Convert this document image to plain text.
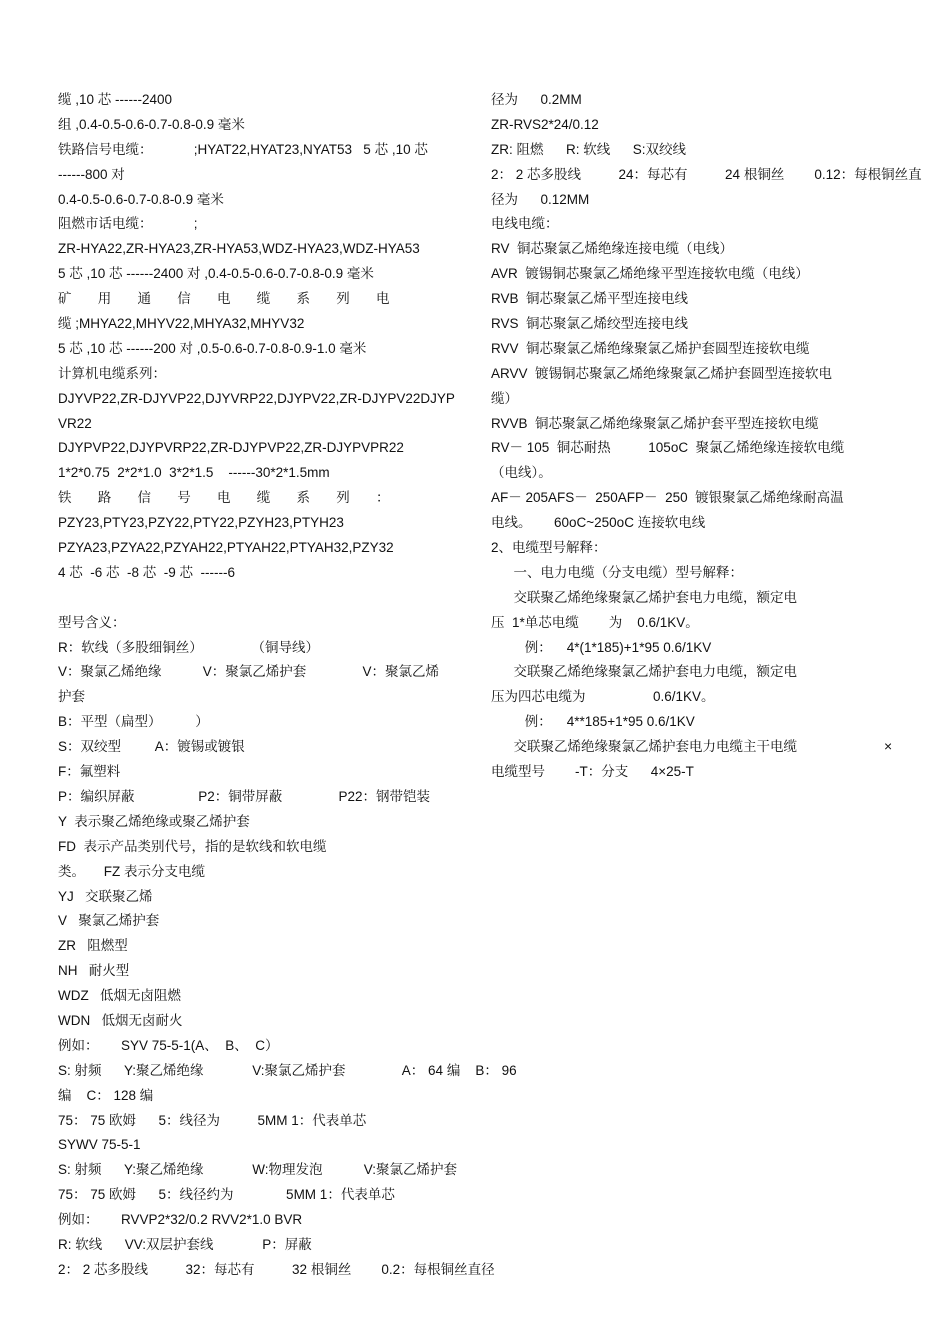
缆 ,10 芯 ------2400
组 ,0.4-0.5-0.6-0.7-0.8-0.9 毫米
铁路信号电缆：           ;HYAT22,HYAT23,NYAT53   5 芯 ,10 芯
------800 对
0.4-0.5-0.6-0.7-0.8-0.9 毫米
阻燃市话电缆：           ;
ZR-HYA22,ZR-HYA23,ZR-HYA53,WDZ-HYA23,WDZ-HYA53
5 芯 ,10 芯 ------2400 对 ,0.4-0.5-0.6-0.7-0.8-0.9 毫米
矿       用       通       信       电       缆       系       列       电
缆 ;MHYA22,MHYV22,MHYA32,MHYV32
5 芯 ,10 芯 ------200 对 ,0.5-0.6-0.7-0.8-0.9-1.0 毫米
计算机电缆系列：
DJYVP22,ZR-DJYVP22,DJYVRP22,DJYPV22,ZR-DJYPV22DJYP
VR22
DJYPVP22,DJYPVRP22,ZR-DJYPVP22,ZR-DJYPVPR22
1*2*0.75  2*2*1.0  3*2*1.5    ------30*2*1.5mm
铁       路       信       号       电       缆       系       列       ：
PZY23,PTY23,PZY22,PTY22,PZYH23,PTYH23
PZYA23,PZYA22,PZYAH22,PTYAH22,PTYAH32,PZY32
4 芯  -6 芯  -8 芯  -9 芯  ------6
型号含义：
R：软线（多股细铜丝）             （铜导线）
V：聚氯乙烯绝缘           V：聚氯乙烯护套               V：聚氯乙烯
护套
B：平型（扁型）         ）
S：双绞型         A：镀锡或镀银
F：氟塑料
P：编织屏蔽                 P2：铜带屏蔽               P22：钢带铠装
Y  表示聚乙烯绝缘或聚乙烯护套
FD  表示产品类别代号，指的是软线和软电缆
类。     FZ 表示分支电缆
YJ   交联聚乙烯
V   聚氯乙烯护套
ZR   阻燃型
NH   耐火型
WDZ   低烟无卤阻燃
WDN   低烟无卤耐火
例如：      SYV 75-5-1(A、  B、  C）
S: 射频      Y:聚乙烯绝缘             V:聚氯乙烯护套               A： 64 编    B： 96
编    C： 128 编
75： 75 欧姆      5：线径为          5MM 1：代表单芯
SYWV 75-5-1
S: 射频      Y:聚乙烯绝缘             W:物理发泡           V:聚氯乙烯护套
75： 75 欧姆      5：线径约为              5MM 1：代表单芯
例如：      RVVP2*32/0.2 RVV2*1.0 BVR
R: 软线      VV:双层护套线             P：屏蔽
2： 2 芯多股线          32：每芯有          32 根铜丝        0.2：每根铜丝直径
径为      0.2MM
ZR-RVS2*24/0.12
ZR: 阻燃      R: 软线      S:双绞线
2： 2 芯多股线          24：每芯有          24 根铜丝        0.12：每根铜丝直
径为      0.12MM
电线电缆：
RV  铜芯聚氯乙烯绝缘连接电缆（电线）
AVR  镀锡铜芯聚氯乙烯绝缘平型连接软电缆（电线）
RVB  铜芯聚氯乙烯平型连接电线
RVS  铜芯聚氯乙烯绞型连接电线
RVV  铜芯聚氯乙烯绝缘聚氯乙烯护套圆型连接软电缆
ARVV  镀锡铜芯聚氯乙烯绝缘聚氯乙烯护套圆型连接软电
缆）
RVVB  铜芯聚氯乙烯绝缘聚氯乙烯护套平型连接软电缆
RV－ 105  铜芯耐热          105oC  聚氯乙烯绝缘连接软电缆
（电线）。
AF－ 205AFS－  250AFP－  250  镀银聚氯乙烯绝缘耐高温
电线。      60oC~250oC 连接软电线
2、电缆型号解释：
一、电力电缆（分支电缆）型号解释：
交联聚乙烯绝缘聚氯乙烯护套电力电缆，额定电
压  1*单芯电缆        为    0.6/1KV。
例：    4*(1*185)+1*95 0.6/1KV
交联聚乙烯绝缘聚氯乙烯护套电力电缆，额定电
压为四芯电缆为                  0.6/1KV。
例：    4**185+1*95 0.6/1KV
交联聚乙烯绝缘聚氯乙烯护套电力电缆主干电缆
电缆型号        -T：分支      4×25-T
×
